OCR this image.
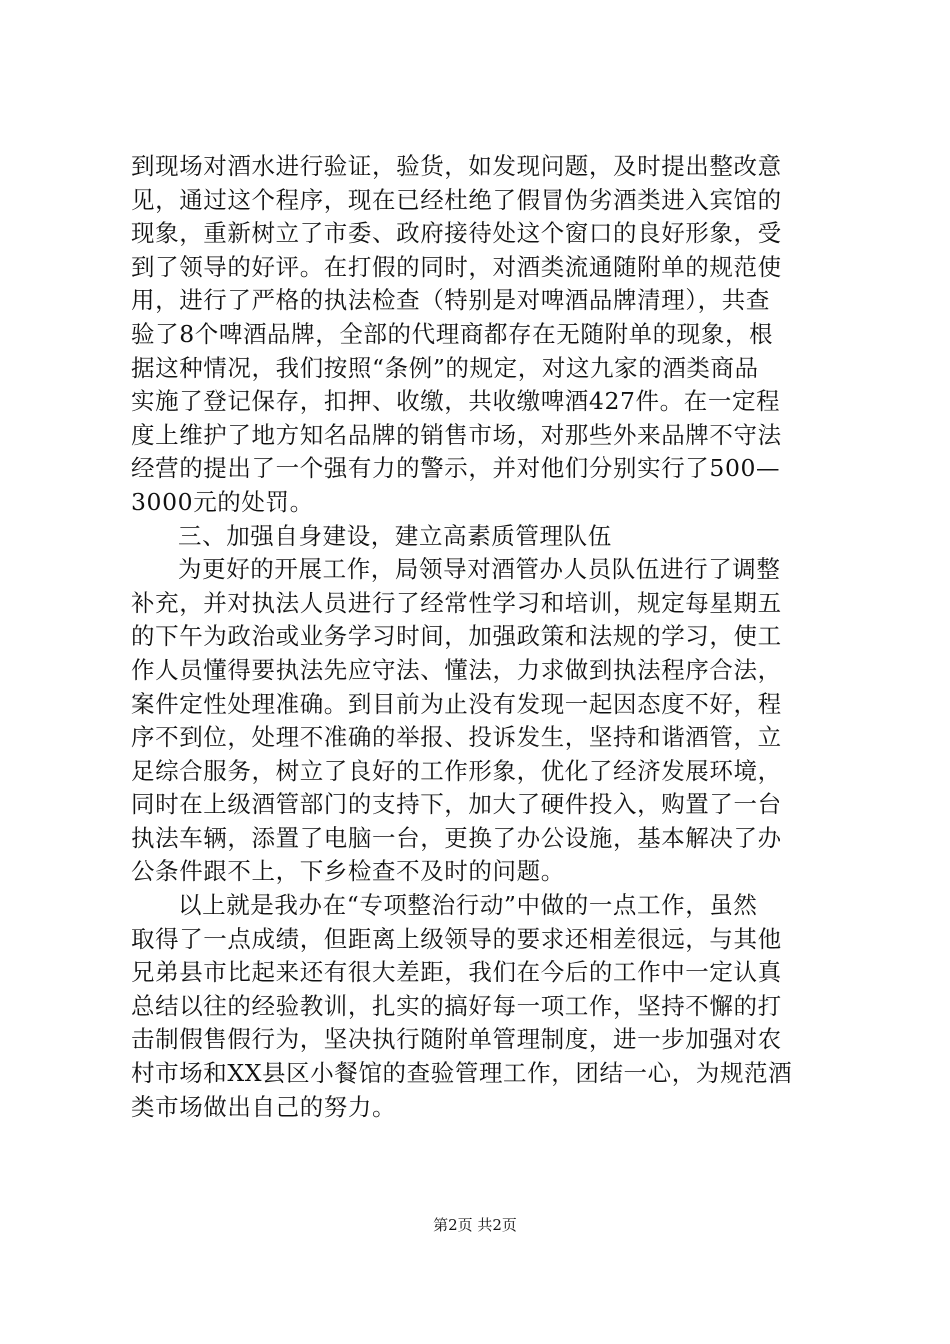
到现场对酒水进行验证，验货，如发现问题，及时提出整改意
见，通过这个程序，现在已经杜绝了假冒伪劣酒类进入宾馆的
现象，重新树立了市委、政府接待处这个窗口的良好形象，受
到了领导的好评。在打假的同时，对酒类流通随附单的规范使
用，进行了严格的执法检查（特别是对啤酒品牌清理），共查
验了8个啤酒品牌，全部的代理商都存在无随附单的现象，根
据这种情况，我们按照“条例”的规定，对这九家的酒类商品
实施了登记保存，扣押、收缴，共收缴啤酒427件。在一定程
度上维护了地方知名品牌的销售市场，对那些外来品牌不守法
经营的提出了一个强有力的警示，并对他们分别实行了500—
3000元的处罚。
三、加强自身建设，建立高素质管理队伍
为更好的开展工作，局领导对酒管办人员队伍进行了调整
补充，并对执法人员进行了经常性学习和培训，规定每星期五
的下午为政治或业务学习时间，加强政策和法规的学习，使工
作人员懂得要执法先应守法、懂法，力求做到执法程序合法，
案件定性处理准确。到目前为止没有发现一起因态度不好，程
序不到位，处理不准确的举报、投诉发生，坚持和谐酒管，立
足综合服务，树立了良好的工作形象，优化了经济发展环境，
同时在上级酒管部门的支持下，加大了硬件投入，购置了一台
执法车辆，添置了电脑一台，更换了办公设施，基本解决了办
公条件跟不上，下乡检查不及时的问题。
以上就是我办在“专项整治行动”中做的一点工作，虽然
取得了一点成绩，但距离上级领导的要求还相差很远，与其他
兄弟县市比起来还有很大差距，我们在今后的工作中一定认真
总结以往的经验教训，扎实的搞好每一项工作，坚持不懈的打
击制假售假行为，坚决执行随附单管理制度，进一步加强对农
村市场和XX县区小餐馆的查验管理工作，团结一心，为规范酒
类市场做出自己的努力。
第2页 共2页
